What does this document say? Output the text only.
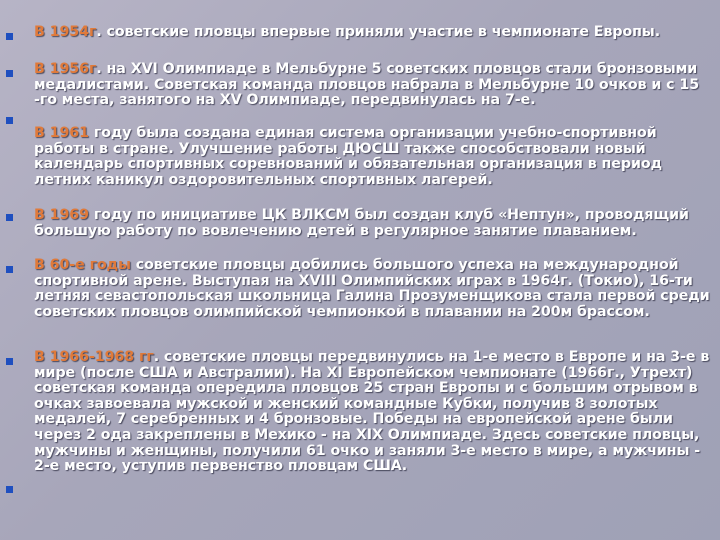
В 1954г. советские пловцы впервые приняли участие в чемпионате Европы.
В 1956г. на XVI Олимпиаде в Мельбурне 5 советских пловцов стали бронзовыми медалистами. Советская команда пловцов набрала в Мельбурне 10 очков и с 15 -го места, занятого на XV Олимпиаде, передвинулась на 7-е.
В 1961 году была создана единая система организации учебно-спортивной работы в стране. Улучшение работы ДЮСШ также способствовали новый календарь спортивных соревнований и обязательная организация в период летних каникул оздоровительных спортивных лагерей.
В 1969 году по инициативе ЦК ВЛКСМ был создан клуб «Нептун», проводящий большую работу по вовлечению детей в регулярное занятие плаванием.
В 60-е годы советские пловцы добились большого успеха на международной спортивной арене. Выступая на XVIII Олимпийских играх в 1964г. (Токио), 16-ти летняя севастопольская школьница Галина Прозуменщикова стала первой среди советских пловцов олимпийской чемпионкой в плавании на 200м брассом.
В 1966-1968 гг. советские пловцы передвинулись на 1-е место в Европе и на 3-е в мире (после США и Австралии). На XI Европейском чемпионате (1966г., Утрехт) советская команда опередила пловцов 25 стран Европы и с большим отрывом в очках завоевала мужской и женский командные Кубки, получив 8 золотых медалей, 7 серебренных и 4 бронзовые. Победы на европейской арене были через 2 ода закреплены в Мехико - на XIX Олимпиаде. Здесь советские пловцы, мужчины и женщины, получили 61 очко и заняли 3-е место в мире, а мужчины - 2-е место, уступив первенство пловцам США.
